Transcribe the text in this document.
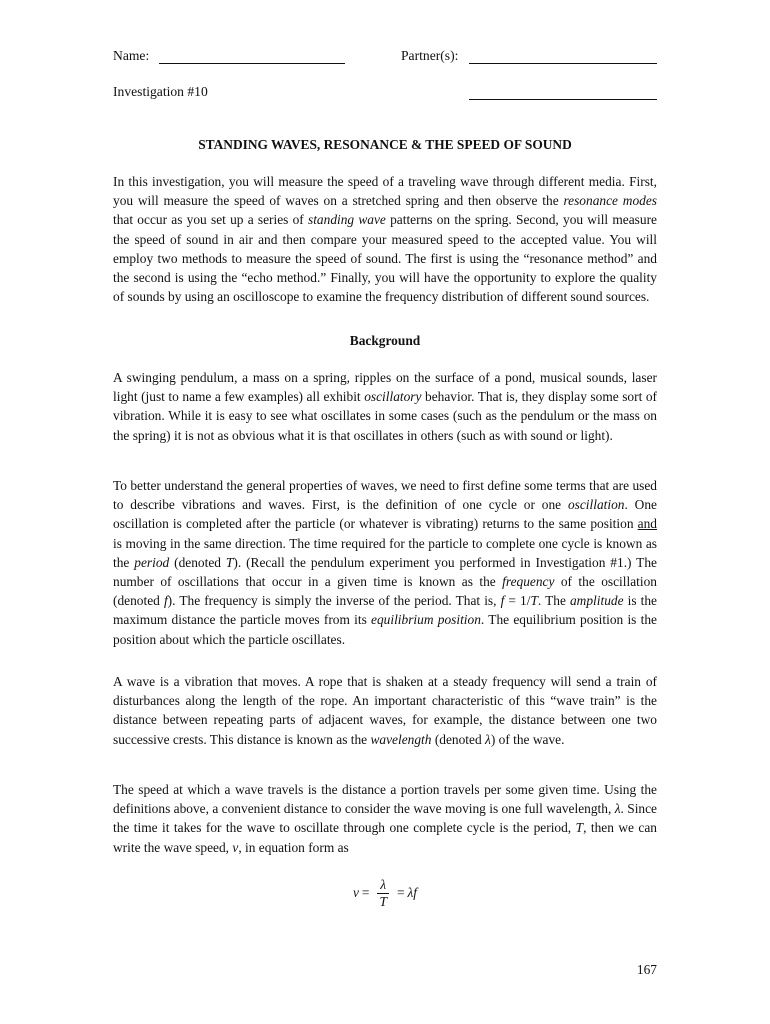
Name:	Partner(s):
Investigation #10
STANDING WAVES, RESONANCE & THE SPEED OF SOUND

In this investigation, you will measure the speed of a traveling wave through different media. First, you will measure the speed of waves on a stretched spring and then observe the resonance modes that occur as you set up a series of standing wave patterns on the spring. Second, you will measure the speed of sound in air and then compare your measured speed to the accepted value. You will employ two methods to measure the speed of sound. The first is using the “resonance method” and the second is using the “echo method.” Finally, you will have the opportunity to explore the quality of sounds by using an oscilloscope to examine the frequency distribution of different sound sources.

Background

A swinging pendulum, a mass on a spring, ripples on the surface of a pond, musical sounds, laser light (just to name a few examples) all exhibit oscillatory behavior. That is, they display some sort of vibration. While it is easy to see what oscillates in some cases (such as the pendulum or the mass on the spring) it is not as obvious what it is that oscillates in others (such as with sound or light).

To better understand the general properties of waves, we need to first define some terms that are used to describe vibrations and waves. First, is the definition of one cycle or one oscillation. One oscillation is completed after the particle (or whatever is vibrating) returns to the same position and is moving in the same direction. The time required for the particle to complete one cycle is known as the period (denoted T). (Recall the pendulum experiment you performed in Investigation #1.) The number of oscillations that occur in a given time is known as the frequency of the oscillation (denoted f). The frequency is simply the inverse of the period. That is, f = 1/T. The amplitude is the maximum distance the particle moves from its equilibrium position. The equilibrium position is the position about which the particle oscillates.

A wave is a vibration that moves. A rope that is shaken at a steady frequency will send a train of disturbances along the length of the rope. An important characteristic of this “wave train” is the distance between repeating parts of adjacent waves, for example, the distance between one two successive crests. This distance is known as the wavelength (denoted λ) of the wave.

The speed at which a wave travels is the distance a portion travels per some given time. Using the definitions above, a convenient distance to consider the wave moving is one full wavelength, λ. Since the time it takes for the wave to oscillate through one complete cycle is the period, T, then we can write the wave speed, v, in equation form as

$v = \frac{\lambda}{T} = \lambda f$
167
